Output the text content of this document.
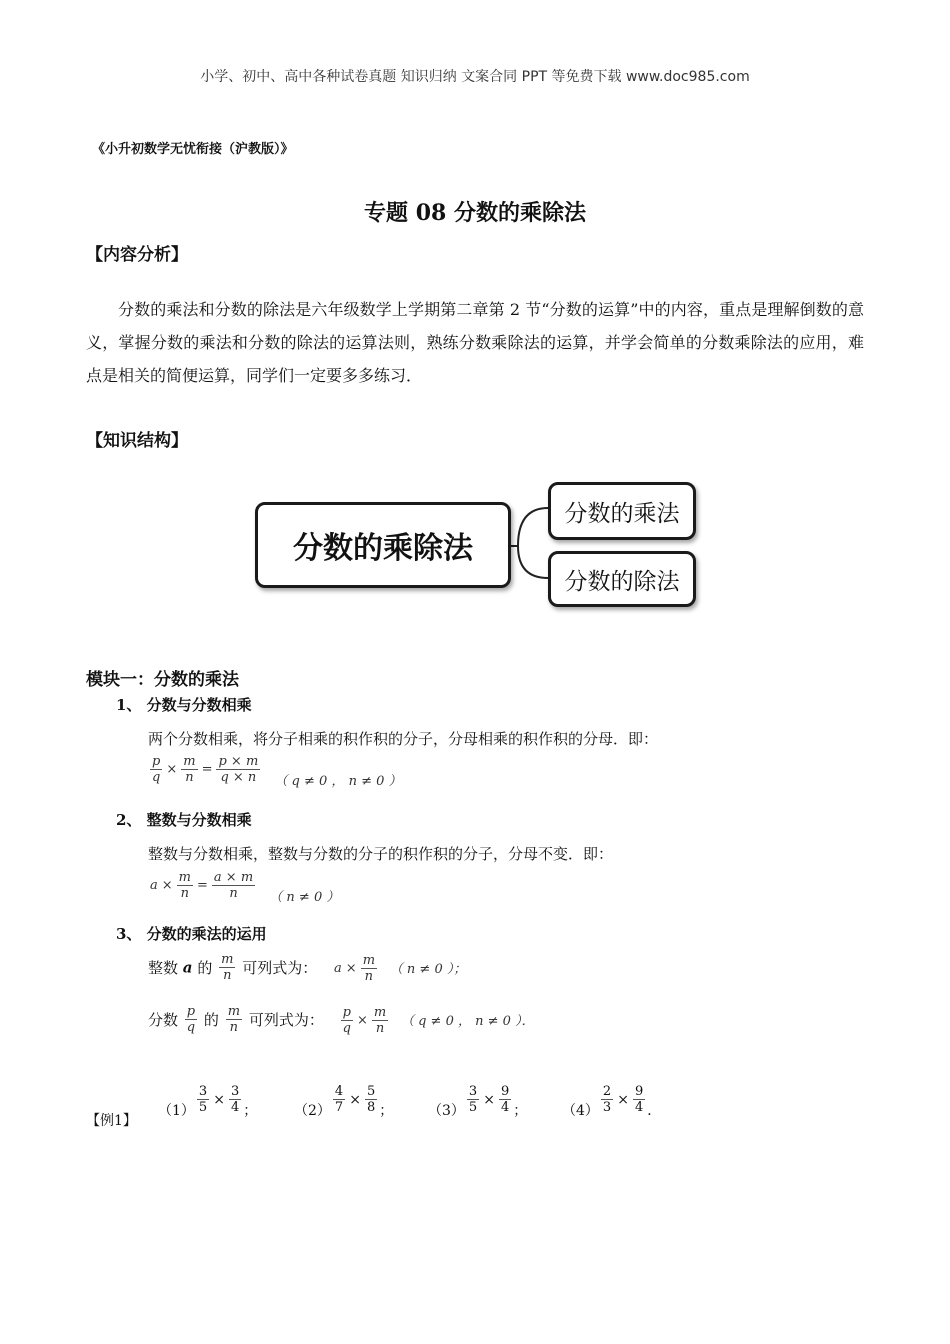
小学、初中、高中各种试卷真题 知识归纳 文案合同 PPT 等免费下载 www.doc985.com
《小升初数学无忧衔接（沪教版）》
专题 08 分数的乘除法
【内容分析】
分数的乘法和分数的除法是六年级数学上学期第二章第 2 节“分数的运算”中的内容，重点是理解倒数的意义，掌握分数的乘法和分数的除法的运算法则，熟练分数乘除法的运算，并学会简单的分数乘除法的应用，难点是相关的简便运算，同学们一定要多多练习．
【知识结构】
分数的乘除法
分数的乘法
分数的除法
模块一：分数的乘法
1、 分数与分数相乘
两个分数相乘，将分子相乘的积作积的分子，分母相乘的积作积的分母．即：
$\frac{p}{q} \times \frac{m}{n} = \frac{p \times m}{q \times n}$ （ q ≠ 0 ， n ≠ 0 ）
2、 整数与分数相乘
整数与分数相乘，整数与分数的分子的积作积的分子，分母不变．即：
$a \times \frac{m}{n} = \frac{a \times m}{n}$ （ n ≠ 0 ）
3、 分数的乘法的运用
整数 a 的 $\frac{m}{n}$ 可列式为： $a \times \frac{m}{n}$ （ n ≠ 0 ）；
分数 $\frac{p}{q}$ 的 $\frac{m}{n}$ 可列式为： $\frac{p}{q} \times \frac{m}{n}$ （ q ≠ 0 ， n ≠ 0 ）．
【例1】
$(1) \frac{3}{5} \times \frac{3}{4}$ ；	$(2) \frac{4}{7} \times \frac{5}{8}$ ； $(3) \frac{3}{5} \times \frac{9}{4}$ ； $(4) \frac{2}{3} \times \frac{9}{4}$ ．
